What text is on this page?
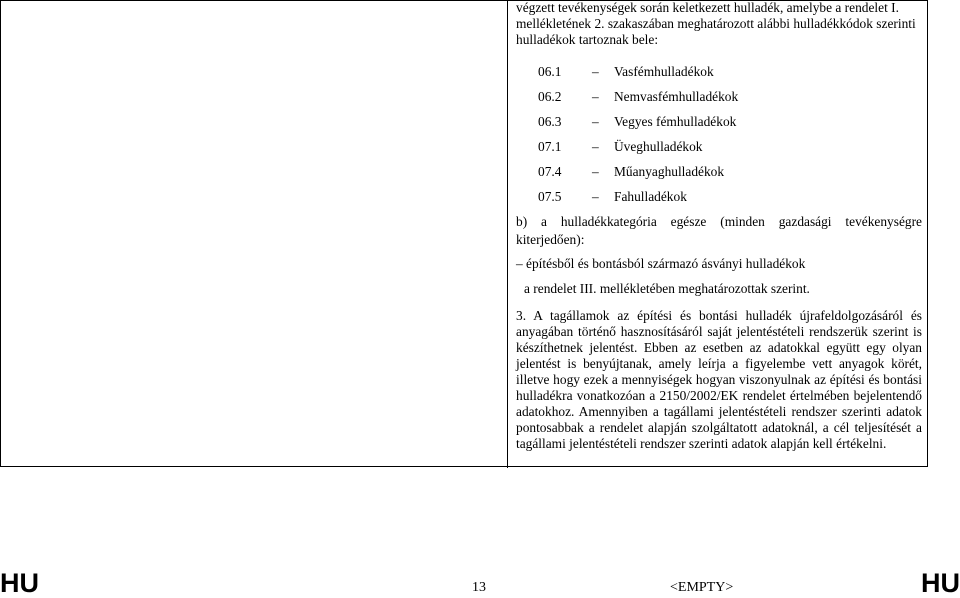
végzett tevékenységek során keletkezett hulladék, amelybe a rendelet I.
mellékletének 2. szakaszában meghatározott alábbi hulladékkódok szerinti
hulladékok tartoznak bele:
06.1	– Vasfémhulladékok
06.2	– Nemvasfémhulladékok
06.3	– Vegyes fémhulladékok
07.1	– Üveghulladékok
07.4	– Műanyaghulladékok
07.5	– Fahulladékok
b) a hulladékkategória egésze (minden gazdasági tevékenységre
kiterjedően):
– építésből és bontásból származó ásványi hulladékok
a rendelet III. mellékletében meghatározottak szerint.
3. A tagállamok az építési és bontási hulladék újrafeldolgozásáról és anyagában történő hasznosításáról saját jelentéstételi rendszerük szerint is készíthetnek jelentést. Ebben az esetben az adatokkal együtt egy olyan jelentést is benyújtanak, amely leírja a figyelembe vett anyagok körét, illetve hogy ezek a mennyiségek hogyan viszonyulnak az építési és bontási hulladékra vonatkozóan a 2150/2002/EK rendelet értelmében bejelentendő adatokhoz. Amennyiben a tagállami jelentéstételi rendszer szerinti adatok pontosabbak a rendelet alapján szolgáltatott adatoknál, a cél teljesítését a tagállami jelentéstételi rendszer szerinti adatok alapján kell értékelni.
HU	13	<EMPTY>	HU
